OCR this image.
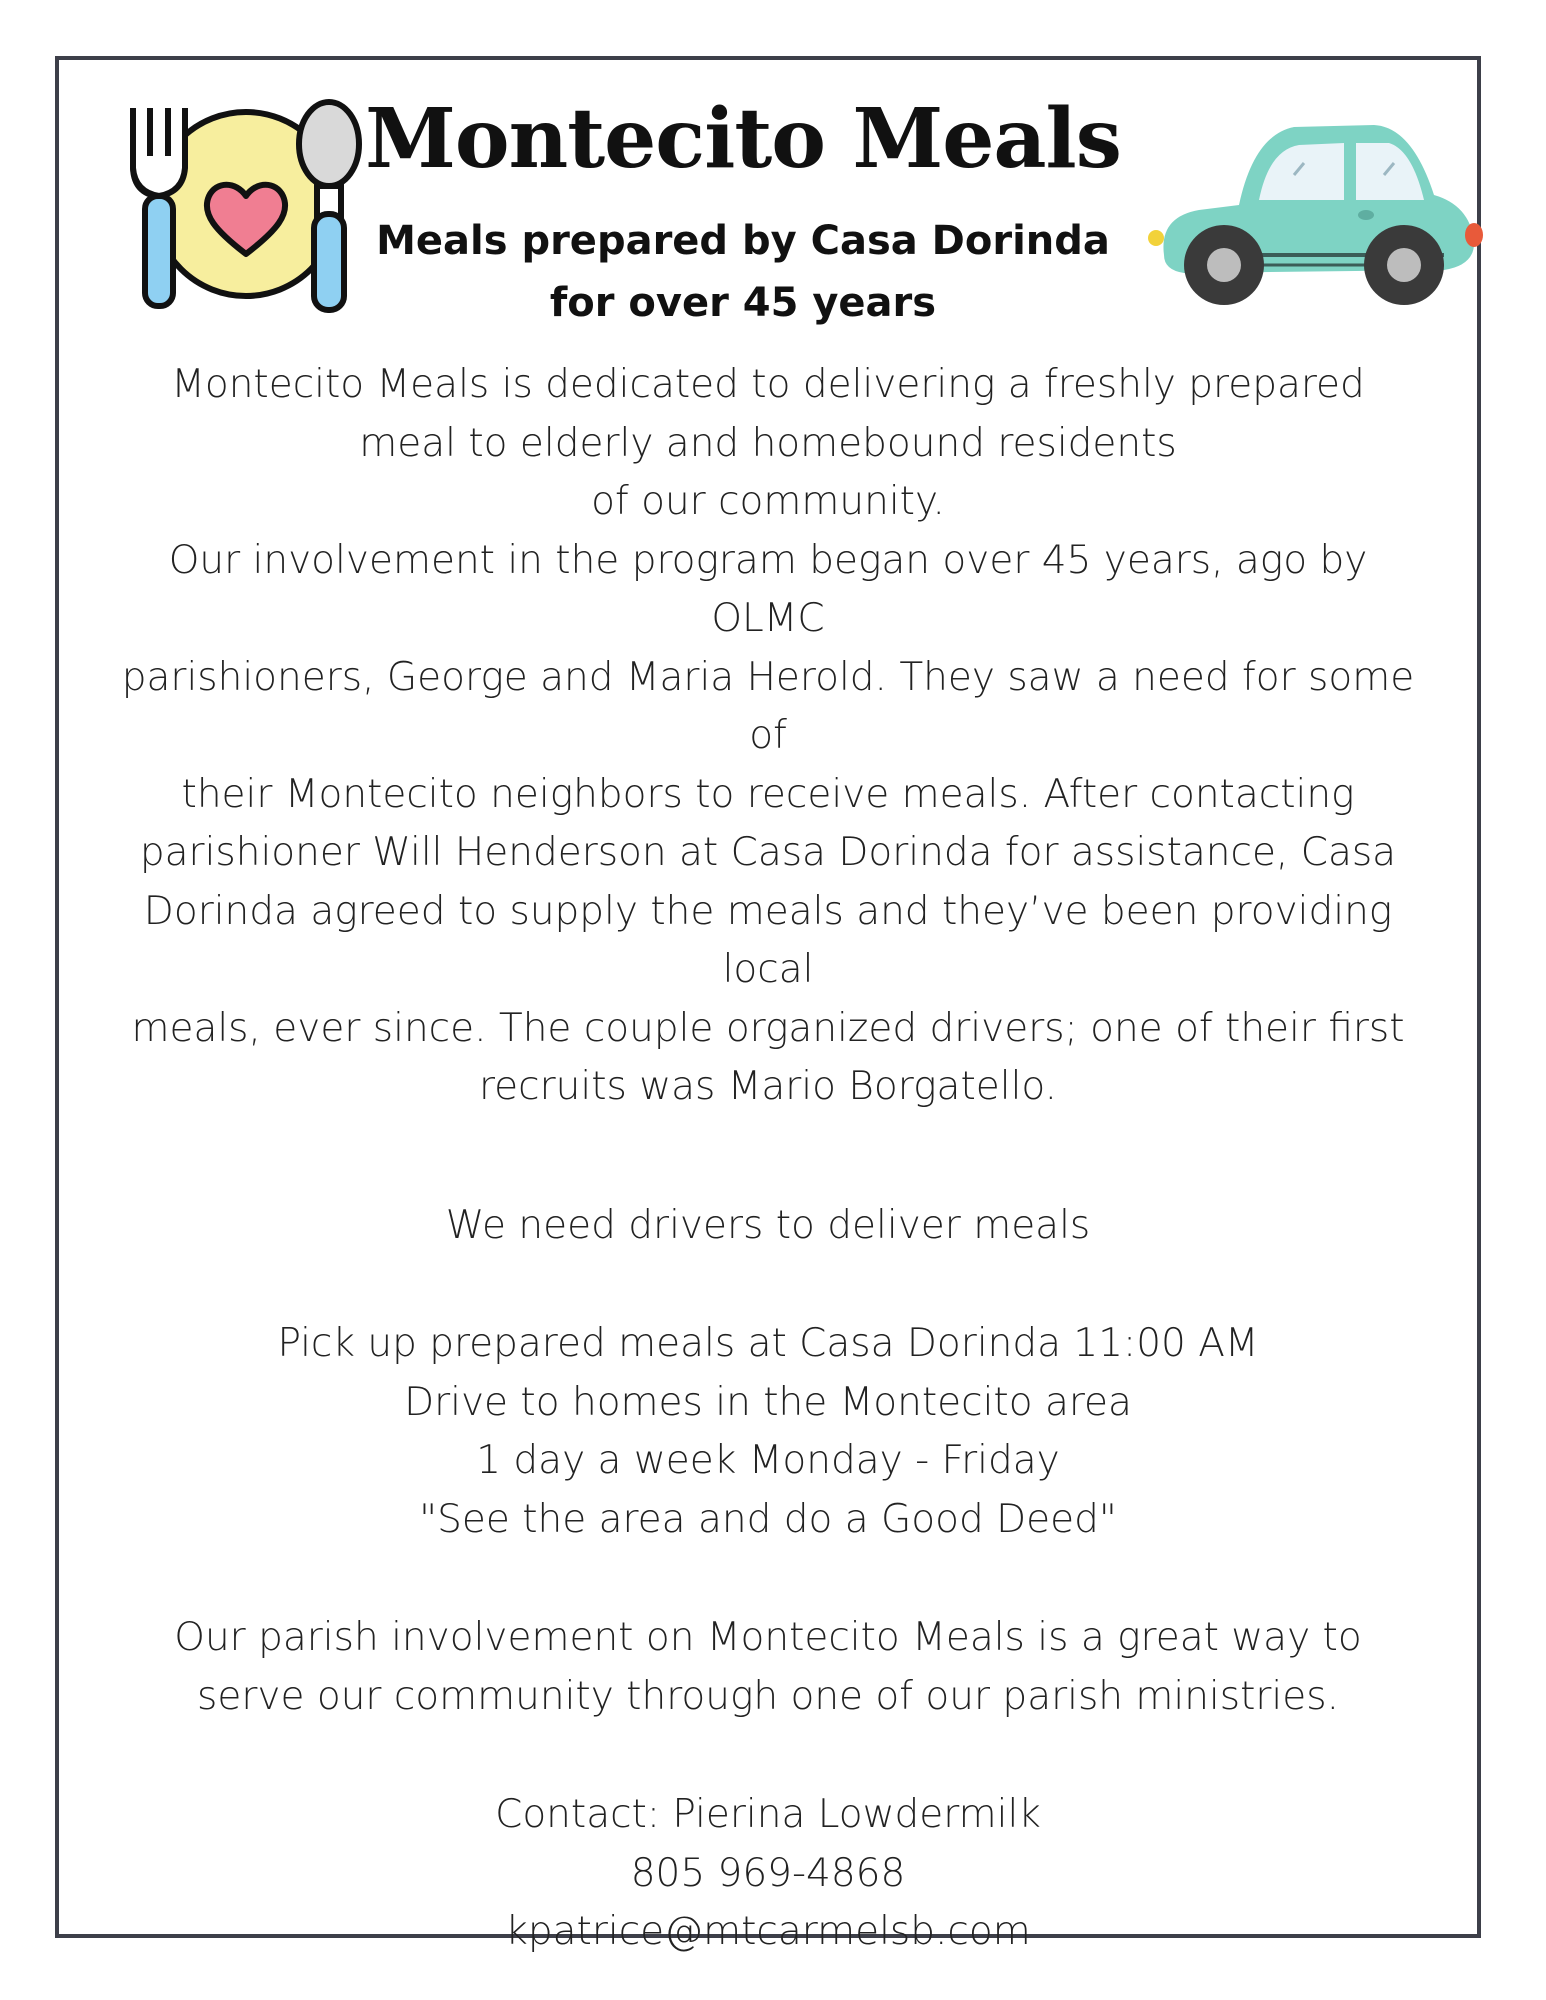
Montecito Meals
Meals prepared by Casa Dorinda
for over 45 years

Montecito Meals is dedicated to delivering a freshly prepared
meal to elderly and homebound residents
of our community.
Our involvement in the program began over 45 years, ago by OLMC
parishioners, George and Maria Herold. They saw a need for some of
their Montecito neighbors to receive meals. After contacting
parishioner Will Henderson at Casa Dorinda for assistance, Casa
Dorinda agreed to supply the meals and they’ve been providing local
meals, ever since. The couple organized drivers; one of their first
recruits was Mario Borgatello.

We need drivers to deliver meals

Pick up prepared meals at Casa Dorinda 11:00 AM
Drive to homes in the Montecito area
1 day a week Monday - Friday
"See the area and do a Good Deed"

Our parish involvement on Montecito Meals is a great way to
serve our community through one of our parish ministries.

Contact: Pierina Lowdermilk
805 969-4868
kpatrice@mtcarmelsb.com
